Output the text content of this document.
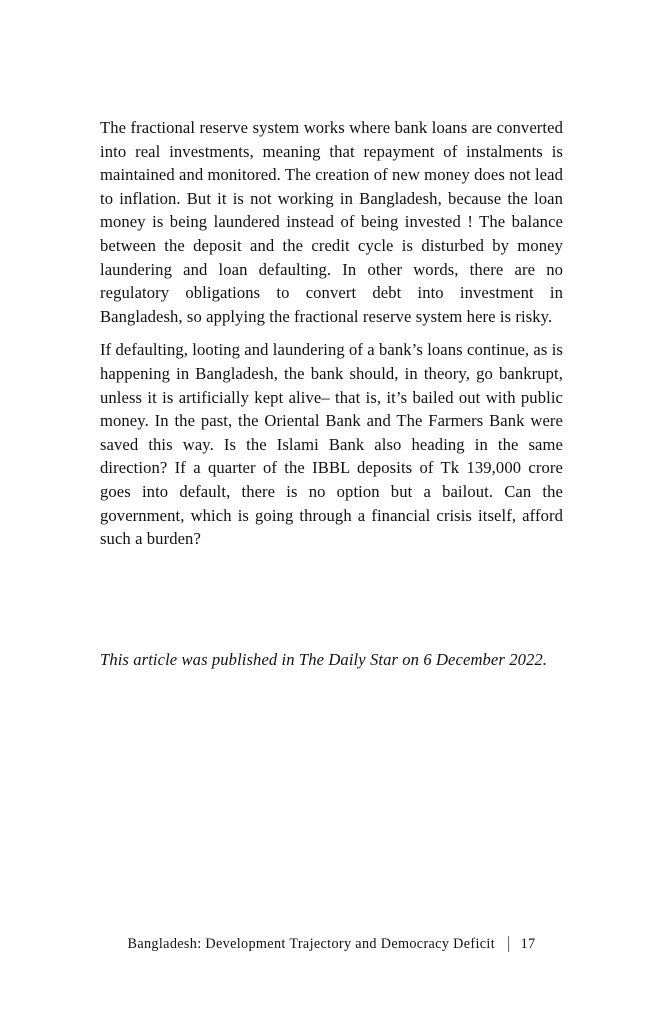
The fractional reserve system works where bank loans are converted into real investments, meaning that repayment of instalments is maintained and monitored. The creation of new money does not lead to inflation. But it is not working in Bangladesh, because the loan money is being laundered instead of being invested ! The balance between the deposit and the credit cycle is disturbed by money laundering and loan defaulting. In other words, there are no regulatory obligations to convert debt into investment in Bangladesh, so applying the fractional reserve system here is risky.

If defaulting, looting and laundering of a bank’s loans continue, as is happening in Bangladesh, the bank should, in theory, go bankrupt, unless it is artificially kept alive– that is, it’s bailed out with public money. In the past, the Oriental Bank and The Farmers Bank were saved this way. Is the Islami Bank also heading in the same direction? If a quarter of the IBBL deposits of Tk 139,000 crore goes into default, there is no option but a bailout. Can the government, which is going through a financial crisis itself, afford such a burden?

This article was published in The Daily Star on 6 December 2022.

Bangladesh: Development Trajectory and Democracy Deficit │ 17
